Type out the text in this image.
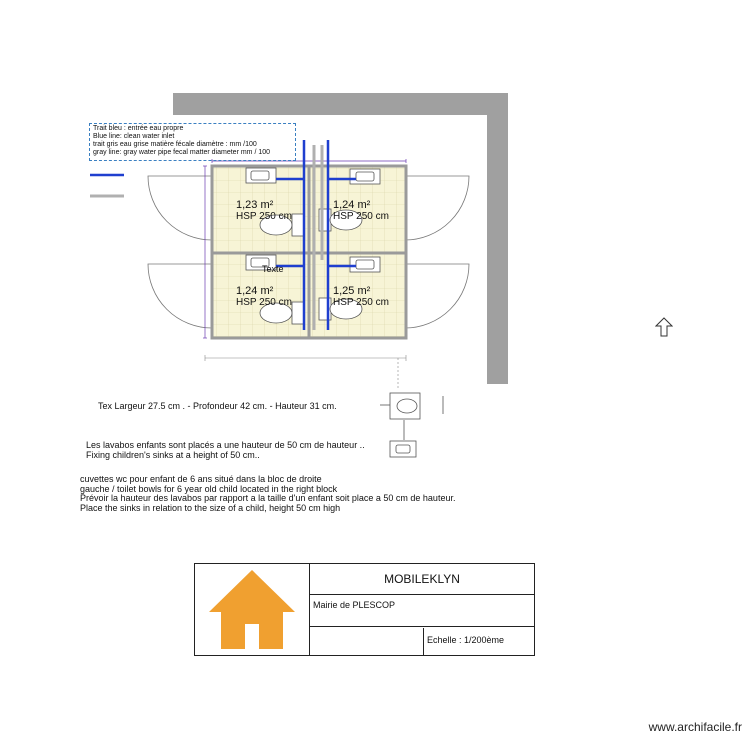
Trait bleu : entrée eau propre
Blue line: clean water inlet
trait gris eau grise matière fécale diamètre : mm /100
gray line: gray water pipe fecal matter diameter mm / 100
1,23 m²
HSP 250 cm
1,24 m²
HSP 250 cm
1,24 m²
HSP 250 cm
1,25 m²
HSP 250 cm
Texte
Tex Largeur 27.5 cm . - Profondeur 42 cm. - Hauteur 31 cm.
Les lavabos enfants sont placés a une hauteur de 50 cm de hauteur ..
Fixing children's sinks at a height of 50 cm..
cuvettes wc pour enfant de 6 ans situé dans la bloc de droite
gauche / toilet bowls for 6 year old child located in the right block
Prévoir la hauteur des lavabos par rapport a la taille d'un enfant soit place a 50 cm de hauteur.
Place the sinks in relation to the size of a child, height 50 cm high
MOBILEKLYN
Mairie de PLESCOP
Echelle : 1/200ème
www.archifacile.fr
